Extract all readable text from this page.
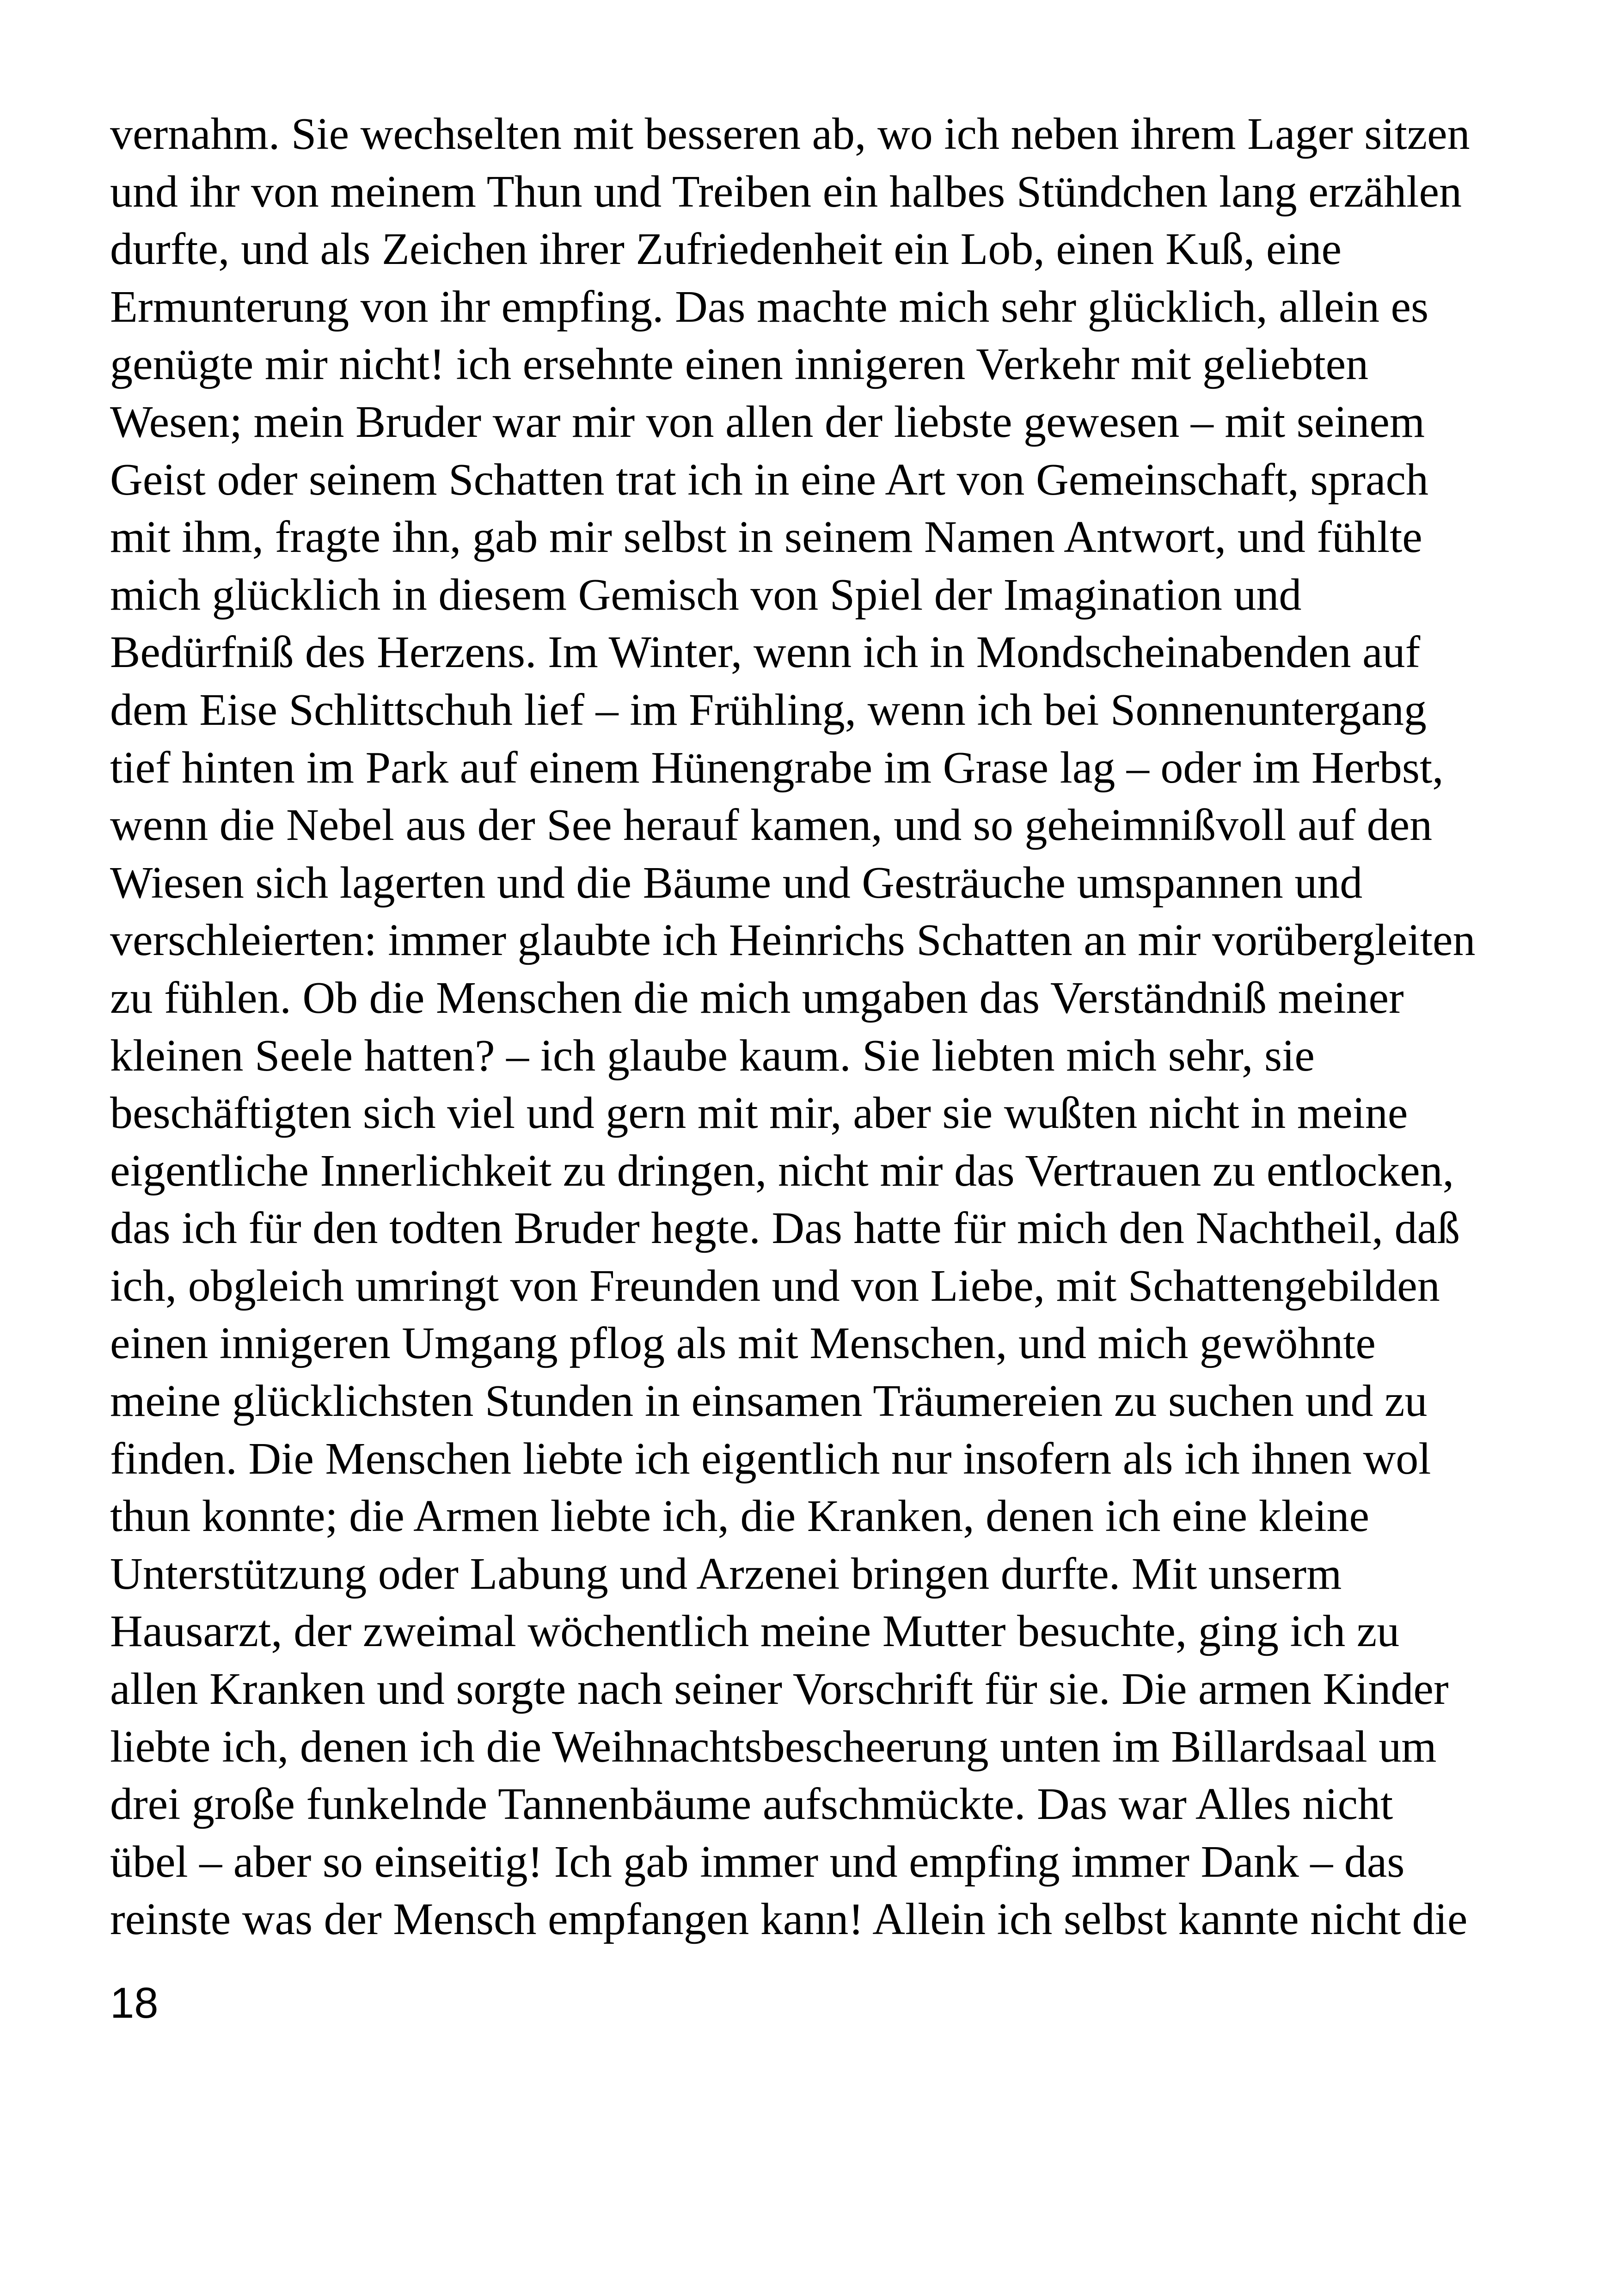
vernahm. Sie wechselten mit besseren ab, wo ich neben ihrem Lager sitzen
und ihr von meinem Thun und Treiben ein halbes Stündchen lang erzählen
durfte, und als Zeichen ihrer Zufriedenheit ein Lob, einen Kuß, eine
Ermunterung von ihr empfing. Das machte mich sehr glücklich, allein es
genügte mir nicht! ich ersehnte einen innigeren Verkehr mit geliebten
Wesen; mein Bruder war mir von allen der liebste gewesen – mit seinem
Geist oder seinem Schatten trat ich in eine Art von Gemeinschaft, sprach
mit ihm, fragte ihn, gab mir selbst in seinem Namen Antwort, und fühlte
mich glücklich in diesem Gemisch von Spiel der Imagination und
Bedürfniß des Herzens. Im Winter, wenn ich in Mondscheinabenden auf
dem Eise Schlittschuh lief – im Frühling, wenn ich bei Sonnenuntergang
tief hinten im Park auf einem Hünengrabe im Grase lag – oder im Herbst,
wenn die Nebel aus der See herauf kamen, und so geheimnißvoll auf den
Wiesen sich lagerten und die Bäume und Gesträuche umspannen und
verschleierten: immer glaubte ich Heinrichs Schatten an mir vorübergleiten
zu fühlen. Ob die Menschen die mich umgaben das Verständniß meiner
kleinen Seele hatten? – ich glaube kaum. Sie liebten mich sehr, sie
beschäftigten sich viel und gern mit mir, aber sie wußten nicht in meine
eigentliche Innerlichkeit zu dringen, nicht mir das Vertrauen zu entlocken,
das ich für den todten Bruder hegte. Das hatte für mich den Nachtheil, daß
ich, obgleich umringt von Freunden und von Liebe, mit Schattengebilden
einen innigeren Umgang pflog als mit Menschen, und mich gewöhnte
meine glücklichsten Stunden in einsamen Träumereien zu suchen und zu
finden. Die Menschen liebte ich eigentlich nur insofern als ich ihnen wol
thun konnte; die Armen liebte ich, die Kranken, denen ich eine kleine
Unterstützung oder Labung und Arzenei bringen durfte. Mit unserm
Hausarzt, der zweimal wöchentlich meine Mutter besuchte, ging ich zu
allen Kranken und sorgte nach seiner Vorschrift für sie. Die armen Kinder
liebte ich, denen ich die Weihnachtsbescheerung unten im Billardsaal um
drei große funkelnde Tannenbäume aufschmückte. Das war Alles nicht
übel – aber so einseitig! Ich gab immer und empfing immer Dank – das
reinste was der Mensch empfangen kann! Allein ich selbst kannte nicht die
18
